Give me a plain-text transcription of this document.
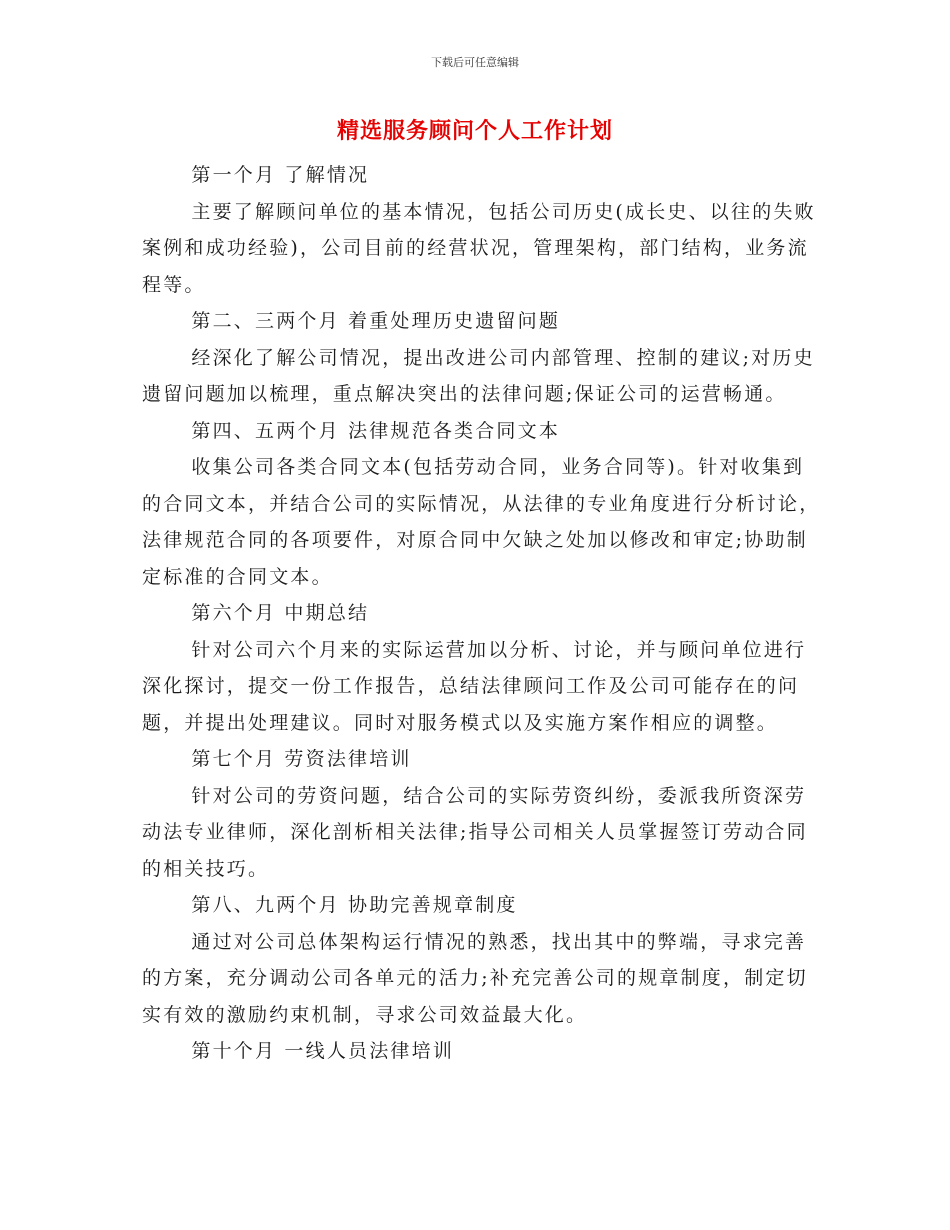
下载后可任意编辑
精选服务顾问个人工作计划

第一个月 了解情况

主要了解顾问单位的基本情况，包括公司历史(成长史、以往的失败案例和成功经验)，公司目前的经营状况，管理架构，部门结构，业务流程等。

第二、三两个月 着重处理历史遗留问题

经深化了解公司情况，提出改进公司内部管理、控制的建议;对历史遗留问题加以梳理，重点解决突出的法律问题;保证公司的运营畅通。

第四、五两个月 法律规范各类合同文本

收集公司各类合同文本(包括劳动合同，业务合同等)。针对收集到的合同文本，并结合公司的实际情况，从法律的专业角度进行分析讨论，法律规范合同的各项要件，对原合同中欠缺之处加以修改和审定;协助制定标准的合同文本。

第六个月 中期总结

针对公司六个月来的实际运营加以分析、讨论，并与顾问单位进行深化探讨，提交一份工作报告，总结法律顾问工作及公司可能存在的问题，并提出处理建议。同时对服务模式以及实施方案作相应的调整。

第七个月 劳资法律培训

针对公司的劳资问题，结合公司的实际劳资纠纷，委派我所资深劳动法专业律师，深化剖析相关法律;指导公司相关人员掌握签订劳动合同的相关技巧。

第八、九两个月 协助完善规章制度

通过对公司总体架构运行情况的熟悉，找出其中的弊端，寻求完善的方案，充分调动公司各单元的活力;补充完善公司的规章制度，制定切实有效的激励约束机制，寻求公司效益最大化。

第十个月 一线人员法律培训
